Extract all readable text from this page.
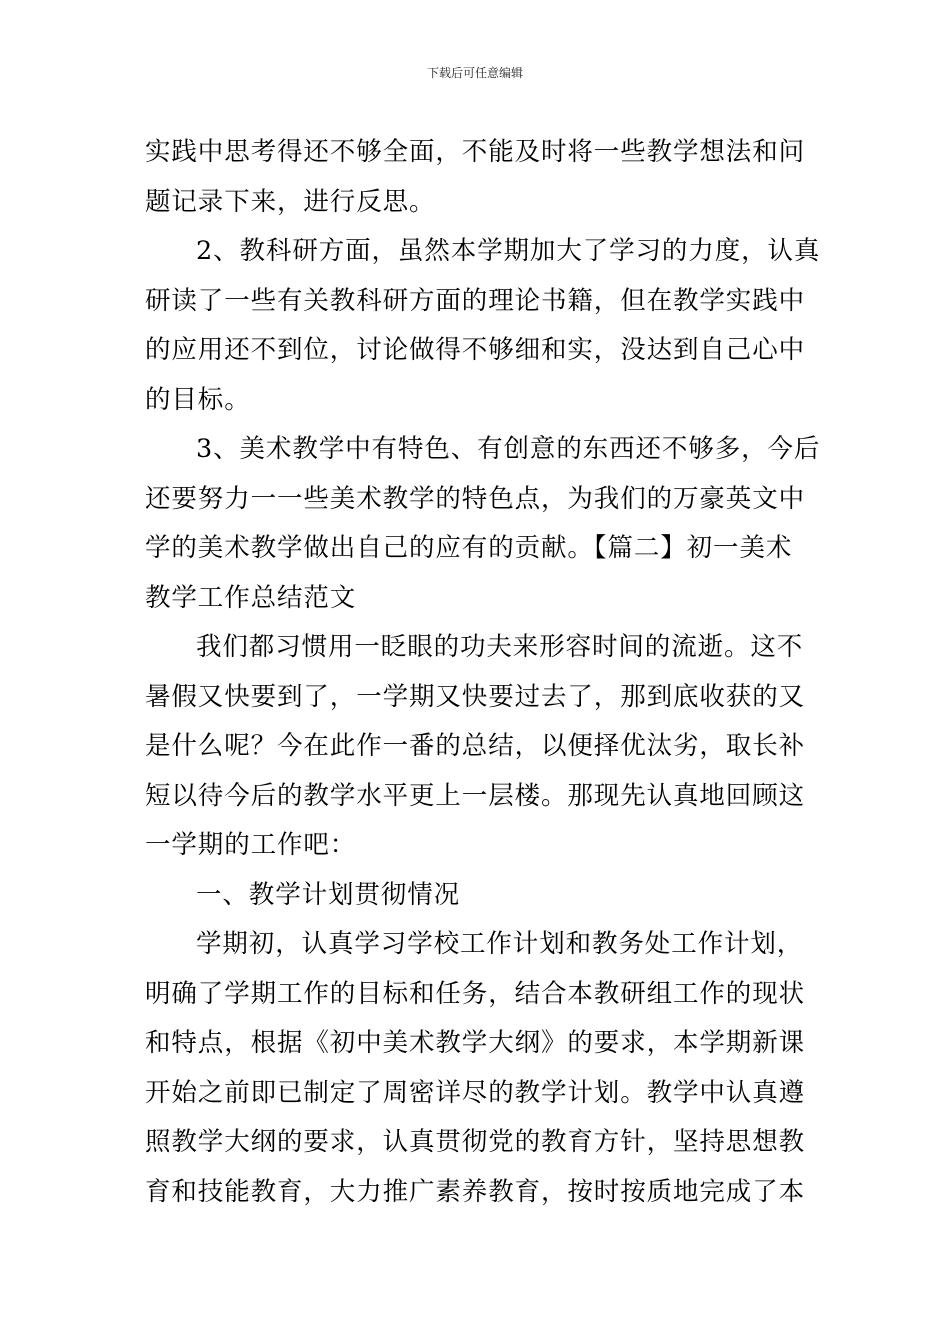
下载后可任意编辑
实践中思考得还不够全面，不能及时将一些教学想法和问
题记录下来，进行反思。
2、教科研方面，虽然本学期加大了学习的力度，认真
研读了一些有关教科研方面的理论书籍，但在教学实践中
的应用还不到位，讨论做得不够细和实，没达到自己心中
的目标。
3、美术教学中有特色、有创意的东西还不够多，今后
还要努力一一些美术教学的特色点，为我们的万豪英文中
学的美术教学做出自己的应有的贡献。【篇二】初一美术
教学工作总结范文
我们都习惯用一眨眼的功夫来形容时间的流逝。这不
暑假又快要到了，一学期又快要过去了，那到底收获的又
是什么呢？今在此作一番的总结，以便择优汰劣，取长补
短以待今后的教学水平更上一层楼。那现先认真地回顾这
一学期的工作吧：
一、教学计划贯彻情况
学期初，认真学习学校工作计划和教务处工作计划，
明确了学期工作的目标和任务，结合本教研组工作的现状
和特点，根据《初中美术教学大纲》的要求，本学期新课
开始之前即已制定了周密详尽的教学计划。教学中认真遵
照教学大纲的要求，认真贯彻党的教育方针，坚持思想教
育和技能教育，大力推广素养教育，按时按质地完成了本
